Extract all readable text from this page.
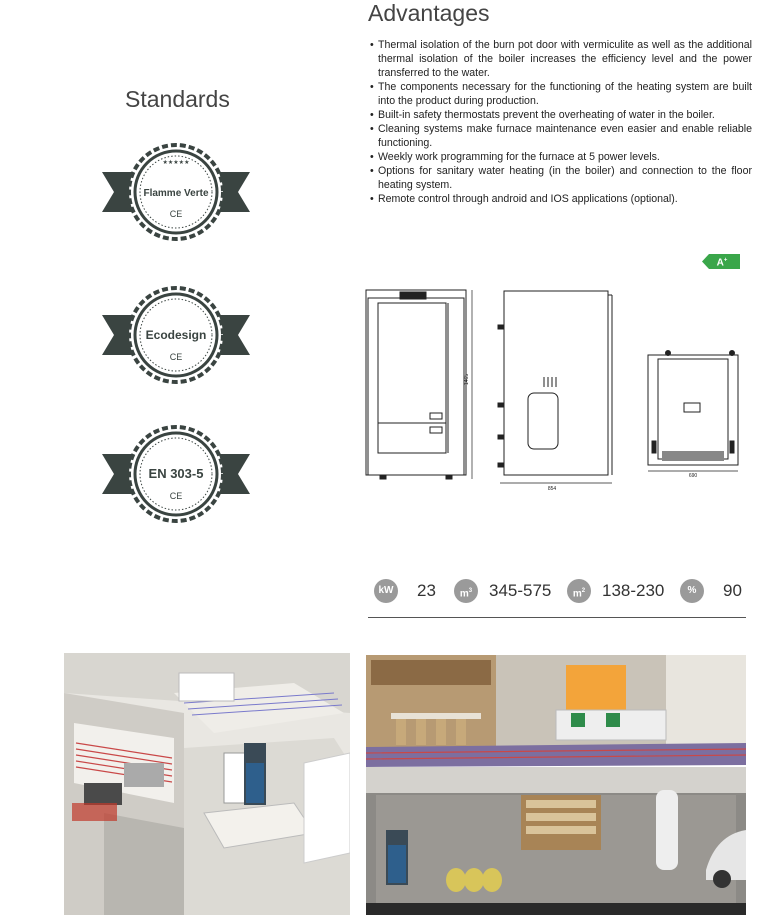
Standards
★★★★★
Flamme Verte
CE
Ecodesign
CE
EN 303-5
CE
Advantages
• Thermal isolation of the burn pot door with vermiculite as well as the additional thermal isolation of the boiler increases the efficiency level and the power transferred to the water.
• The components necessary for the functioning of the heating system are built into the product during production.
• Built-in safety thermostats prevent the overheating of water in the boiler.
• Cleaning systems make furnace maintenance even easier and enable reliable functioning.
• Weekly work programming for the furnace at 5 power levels.
• Options for sanitary water heating (in the boiler) and connection to the floor heating system.
• Remote control through android and IOS applications (optional).
A+
1465
854
690
kW 23	$m^3$ 345-575	$m^2$ 138-230	%	90
